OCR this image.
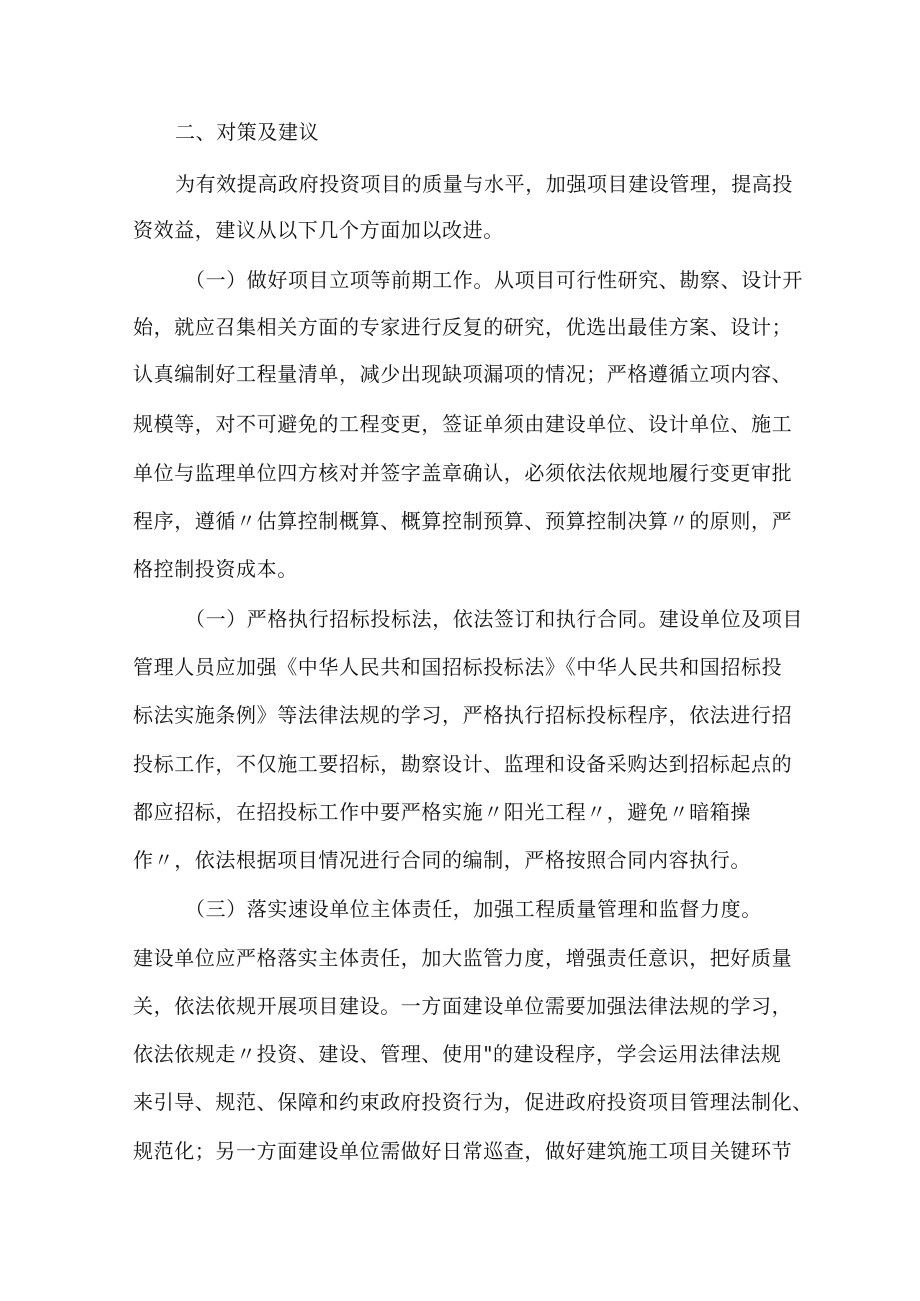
二、对策及建议

为有效提高政府投资项目的质量与水平，加强项目建设管理，提高投

资效益，建议从以下几个方面加以改进。

（一）做好项目立项等前期工作。从项目可行性研究、勘察、设计开

始，就应召集相关方面的专家进行反复的研究，优选出最佳方案、设计；

认真编制好工程量清单，减少出现缺项漏项的情况；严格遵循立项内容、

规模等，对不可避免的工程变更，签证单须由建设单位、设计单位、施工

单位与监理单位四方核对并签字盖章确认，必须依法依规地履行变更审批

程序，遵循〃估算控制概算、概算控制预算、预算控制决算〃的原则，严

格控制投资成本。

（一）严格执行招标投标法，依法签订和执行合同。建设单位及项目

管理人员应加强《中华人民共和国招标投标法》《中华人民共和国招标投

标法实施条例》等法律法规的学习，严格执行招标投标程序，依法进行招

投标工作，不仅施工要招标，勘察设计、监理和设备采购达到招标起点的

都应招标，在招投标工作中要严格实施〃阳光工程〃，避免〃暗箱操

作〃，依法根据项目情况进行合同的编制，严格按照合同内容执行。

（三）落实速设单位主体责任，加强工程质量管理和监督力度。

建设单位应严格落实主体责任，加大监管力度，增强责任意识，把好质量

关，依法依规开展项目建设。一方面建设单位需要加强法律法规的学习，

依法依规走〃投资、建设、管理、使用"的建设程序，学会运用法律法规

来引导、规范、保障和约束政府投资行为，促进政府投资项目管理法制化、

规范化；另一方面建设单位需做好日常巡查，做好建筑施工项目关键环节
